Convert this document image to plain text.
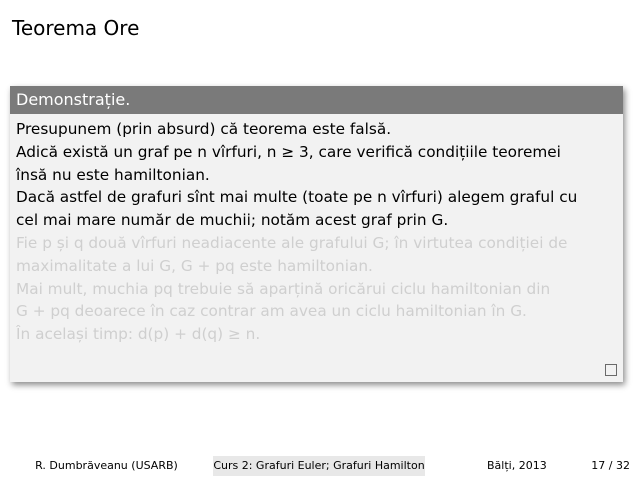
Teorema Ore
Demonstrație.
Presupunem (prin absurd) că teorema este falsă.
Adică există un graf pe n vîrfuri, n ≥ 3, care verifică condițiile teoremei
însă nu este hamiltonian.
Dacă astfel de grafuri sînt mai multe (toate pe n vîrfuri) alegem graful cu
cel mai mare număr de muchii; notăm acest graf prin G.
Fie p și q două vîrfuri neadiacente ale grafului G; în virtutea condiției de
maximalitate a lui G, G + pq este hamiltonian.
Mai mult, muchia pq trebuie să aparțină oricărui ciclu hamiltonian din
G + pq deoarece în caz contrar am avea un ciclu hamiltonian în G.
În același timp: d(p) + d(q) ≥ n.
R. Dumbrăveanu (USARB)	Curs 2: Grafuri Euler; Grafuri Hamilton	Bălți, 2013	17 / 32
